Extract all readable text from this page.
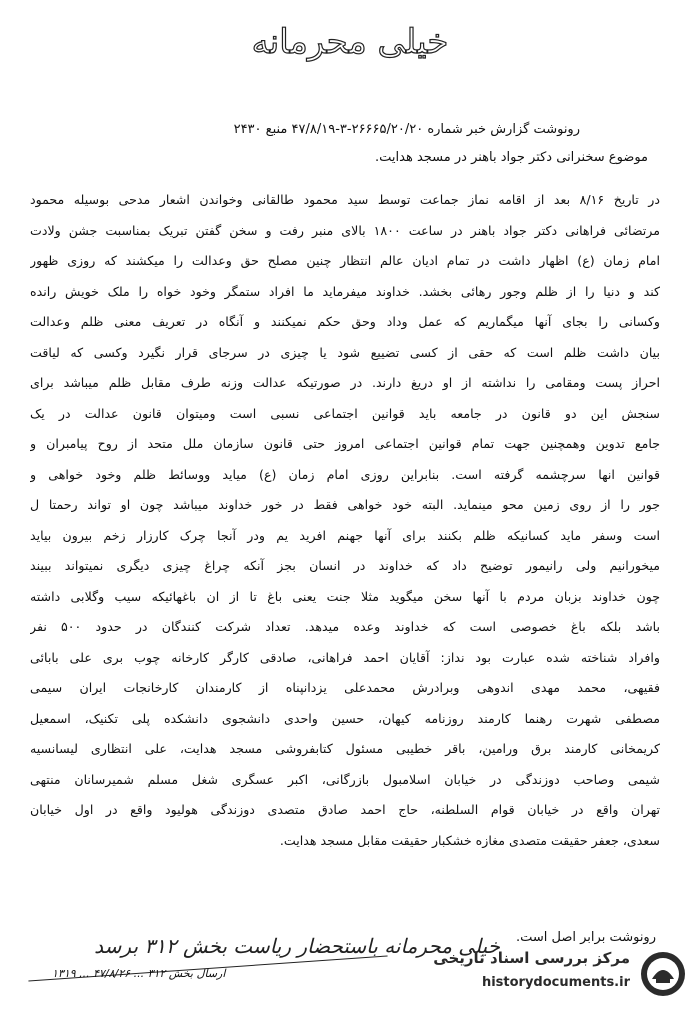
خیلی محرمانه
رونوشت گزارش خبر شماره ۲۶۶۶۵/۲۰/۲۰-۳-۴۷/۸/۱۹ منبع ۲۴۳۰
موضوع سخنرانی دکتر جواد باهنر در مسجد هدایت.
در تاریخ ۸/۱۶ بعد از اقامه نماز جماعت توسط سید محمود طالقانی وخواندن اشعار مدحی بوسیله محمود
مرتضائی فراهانی دکتر جواد باهنر در ساعت ۱۸۰۰ بالای منبر رفت و سخن گفتن تبریک بمناسبت جشن ولادت
امام زمان (ع) اظهار داشت در تمام ادیان عالم انتظار چنین مصلح حق وعدالت را میکشند که روزی ظهور
کند و دنیا را از ظلم وجور رهائی بخشد. خداوند میفرماید ما افراد ستمگر وخود خواه را ملک خویش رانده
وکسانی را بجای آنها میگماریم که عمل وداد وحق حکم نمیکنند و آنگاه در تعریف معنی ظلم وعدالت
بیان داشت ظلم است که حقی از کسی تضییع شود یا چیزی در سرجای قرار نگیرد وکسی که لیاقت
احراز پست ومقامی را نداشته از او دریغ دارند. در صورتیکه عدالت وزنه طرف مقابل ظلم میباشد برای
سنجش این دو قانون در جامعه باید قوانین اجتماعی نسبی است ومیتوان قانون عدالت در یک
جامع تدوین وهمچنین جهت تمام قوانین اجتماعی امروز حتی قانون سازمان ملل متحد از روح پیامبران و
قوانین انها سرچشمه گرفته است. بنابراین روزی امام زمان (ع) میاید ووسائط ظلم وخود خواهی و
جور را از روی زمین محو مینماید. البته خود خواهی فقط در خور خداوند میباشد چون او تواند رحمتا ل
است وسفر ماید کسانیکه ظلم بکنند برای آنها جهنم افرید یم ودر آنجا چرک کارزار زخم بیرون بیاید
میخورانیم ولی رانیمور توضیح داد که خداوند در انسان بجز آنکه چراغ چیزی دیگری نمیتواند ببیند
چون خداوند بزبان مردم با آنها سخن میگوید مثلا جنت یعنی باغ تا از ان باغهائیکه سیب وگلابی داشته
باشد بلکه باغ خصوصی است که خداوند وعده میدهد. تعداد شرکت کنندگان در حدود ۵۰۰ نفر
وافراد شناخته شده عبارت بود نداز: آقایان احمد فراهانی، صادقی کارگر کارخانه چوب بری علی بابائی
فقیهی، محمد مهدی اندوهی وبرادرش محمدعلی یزدانپناه از کارمندان کارخانجات ایران سیمی
مصطفی شهرت رهنما کارمند روزنامه کیهان، حسین واحدی دانشجوی دانشکده پلی تکنیک، اسمعیل
کریمخانی کارمند برق ورامین، باقر خطیبی مسئول کتابفروشی مسجد هدایت، علی انتظاری لیسانسیه
شیمی وصاحب دوزندگی در خیابان اسلامبول بازرگانی، اکبر عسگری شغل مسلم شمیرسانان منتهی
تهران واقع در خیابان قوام السلطنه، حاج احمد صادق متصدی دوزندگی هولیود واقع در اول خیابان
سعدی، جعفر حقیقت متصدی مغازه خشکبار حقیقت مقابل مسجد هدایت.
رونوشت برابر اصل است.
خیلی محرمانه باستحضار ریاست بخش ۳۱۲ برسد
ارسال بخش ۳۱۲ ... ۴۷/۸/۲۶ ... ۱۳۱۹
مرکز بررسی اسناد تاریخی
historydocuments.ir
